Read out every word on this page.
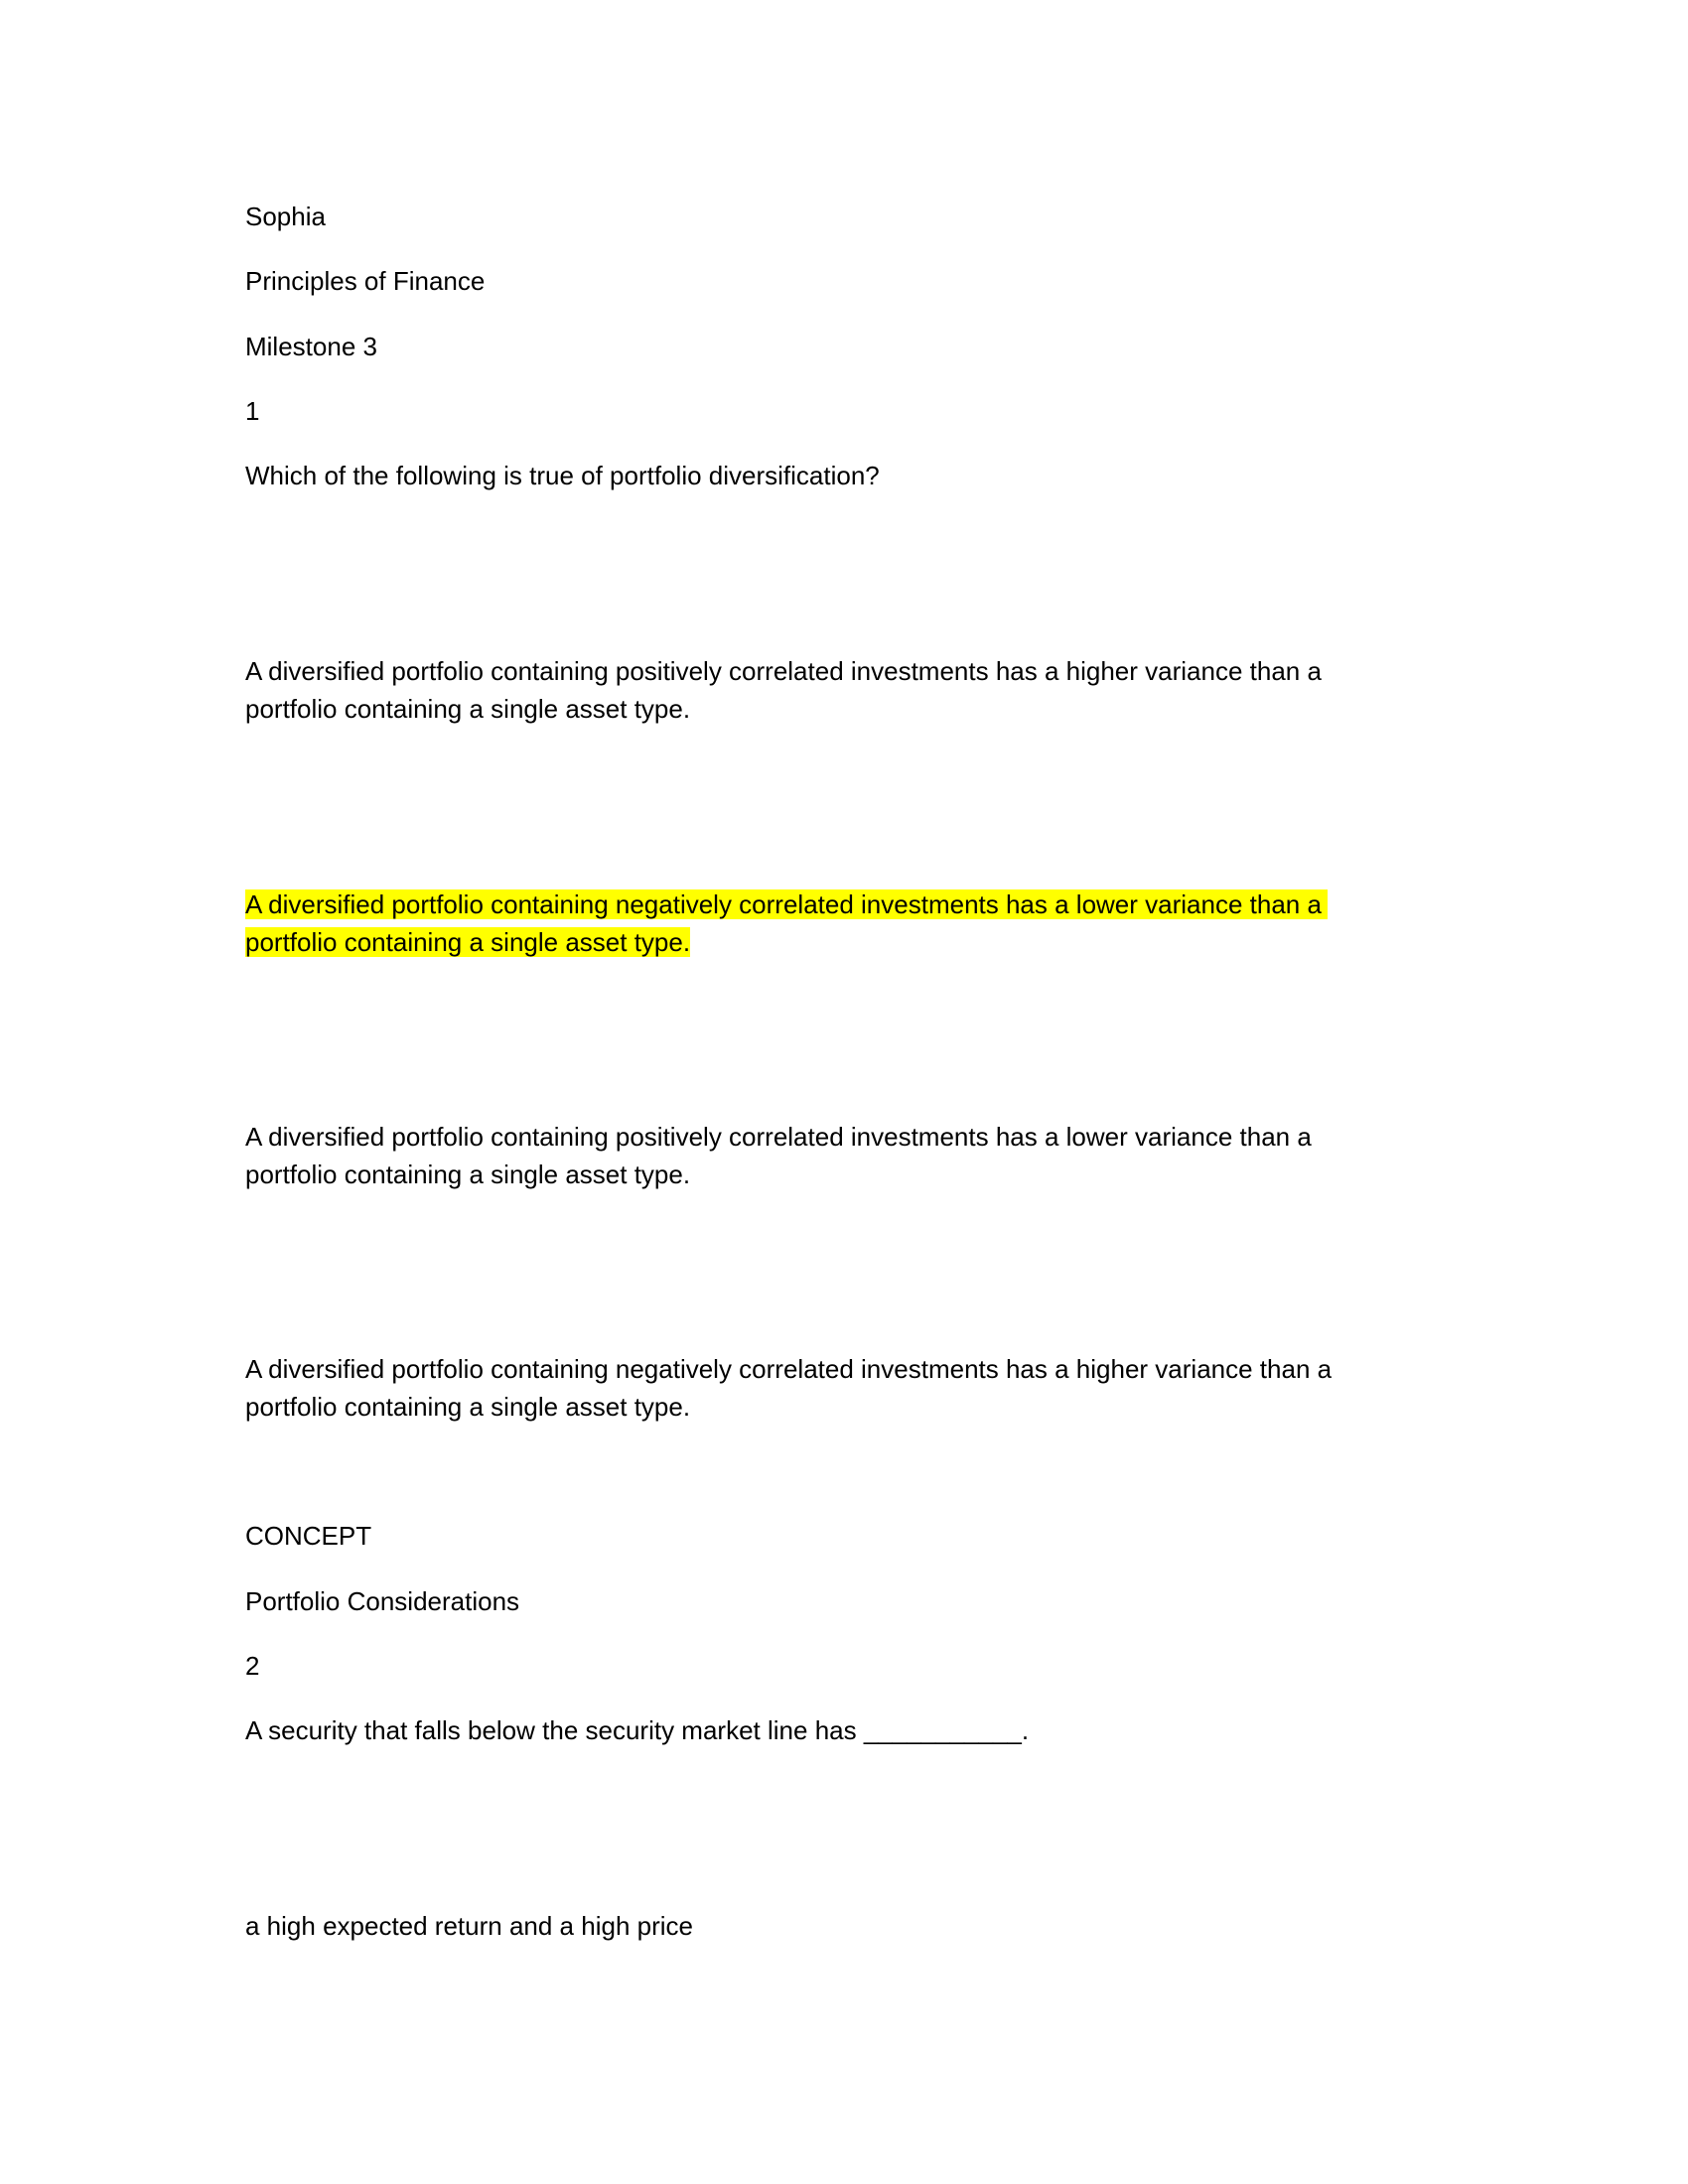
Sophia
Principles of Finance
Milestone 3
1
Which of the following is true of portfolio diversification?
A diversified portfolio containing positively correlated investments has a higher variance than a
portfolio containing a single asset type.
A diversified portfolio containing negatively correlated investments has a lower variance than a
portfolio containing a single asset type.
A diversified portfolio containing positively correlated investments has a lower variance than a
portfolio containing a single asset type.
A diversified portfolio containing negatively correlated investments has a higher variance than a
portfolio containing a single asset type.
CONCEPT
Portfolio Considerations
2
A security that falls below the security market line has ___________.
a high expected return and a high price
